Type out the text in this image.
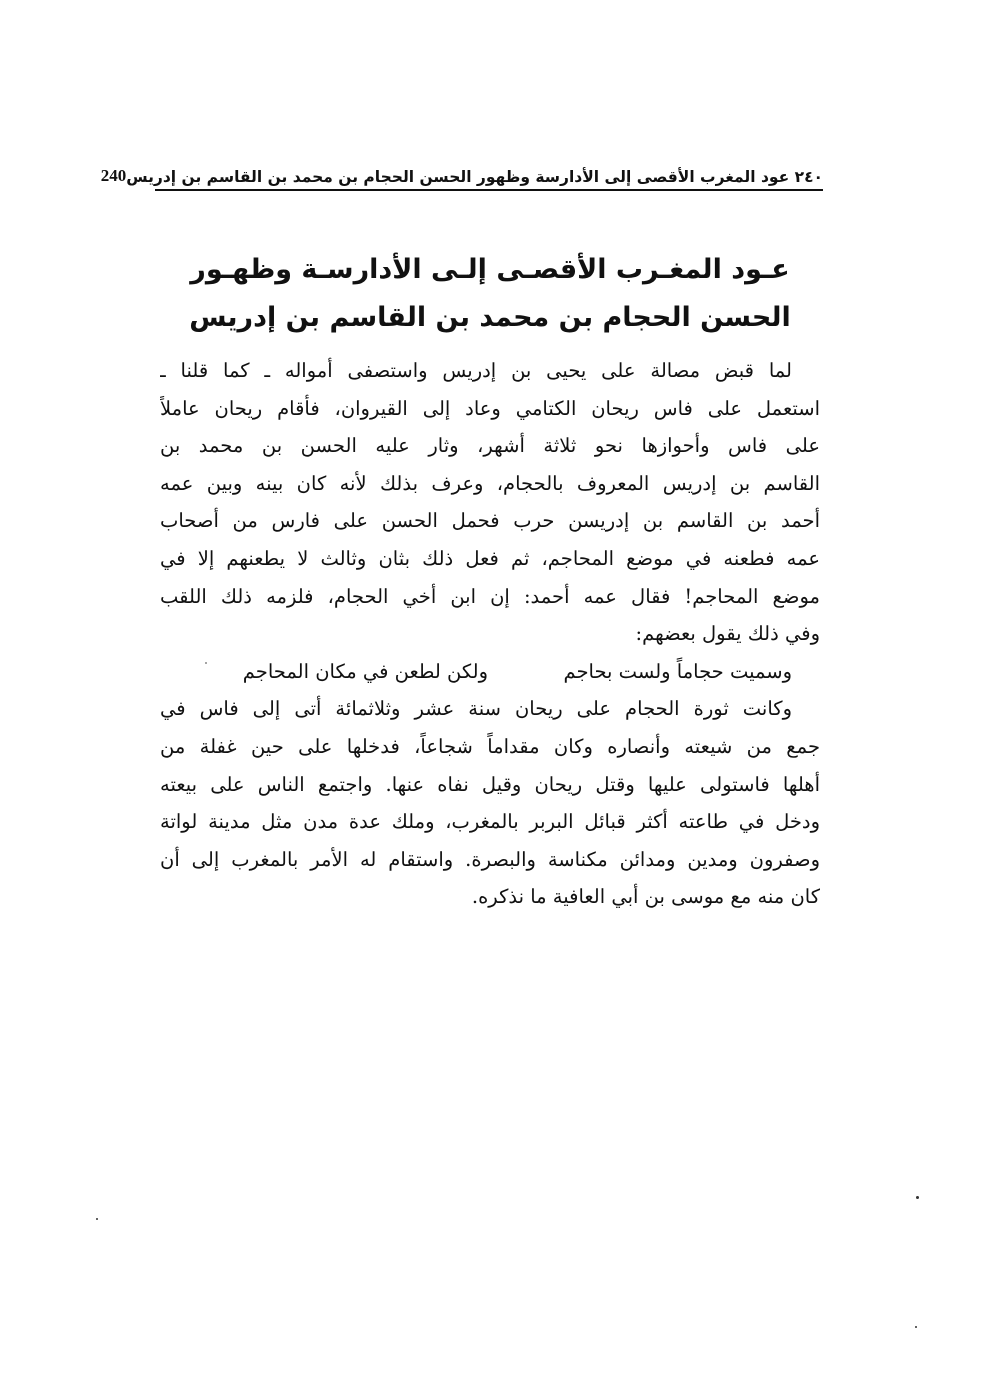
٢٤٠ عود المغرب الأقصى إلى الأدارسة وظهور الحسن الحجام بن محمد بن القاسم بن إدريس
240
عـود المغـرب الأقصـى إلـى الأدارسـة وظهـور
الحسن الحجام بن محمد بن القاسم بن إدريس
لما قبض مصالة على يحيى بن إدريس واستصفى أمواله ـ كما قلنا ـ
استعمل على فاس ريحان الكتامي وعاد إلى القيروان، فأقام ريحان عاملاً
على فاس وأحوازها نحو ثلاثة أشهر، وثار عليه الحسن بن محمد بن
القاسم بن إدريس المعروف بالحجام، وعرف بذلك لأنه كان بينه وبين عمه
أحمد بن القاسم بن إدريسن حرب فحمل الحسن على فارس من أصحاب
عمه فطعنه في موضع المحاجم، ثم فعل ذلك بثان وثالث لا يطعنهم إلا في
موضع المحاجم! فقال عمه أحمد: إن ابن أخي الحجام، فلزمه ذلك اللقب
وفي ذلك يقول بعضهم:
وسميت حجاماً ولست بحاجم
ولكن لطعن في مكان المحاجم
وكانت ثورة الحجام على ريحان سنة عشر وثلاثمائة أتى إلى فاس في
جمع من شيعته وأنصاره وكان مقداماً شجاعاً، فدخلها على حين غفلة من
أهلها فاستولى عليها وقتل ريحان وقيل نفاه عنها. واجتمع الناس على بيعته
ودخل في طاعته أكثر قبائل البربر بالمغرب، وملك عدة مدن مثل مدينة لواتة
وصفرون ومدين ومدائن مكناسة والبصرة. واستقام له الأمر بالمغرب إلى أن
كان منه مع موسى بن أبي العافية ما نذكره.
